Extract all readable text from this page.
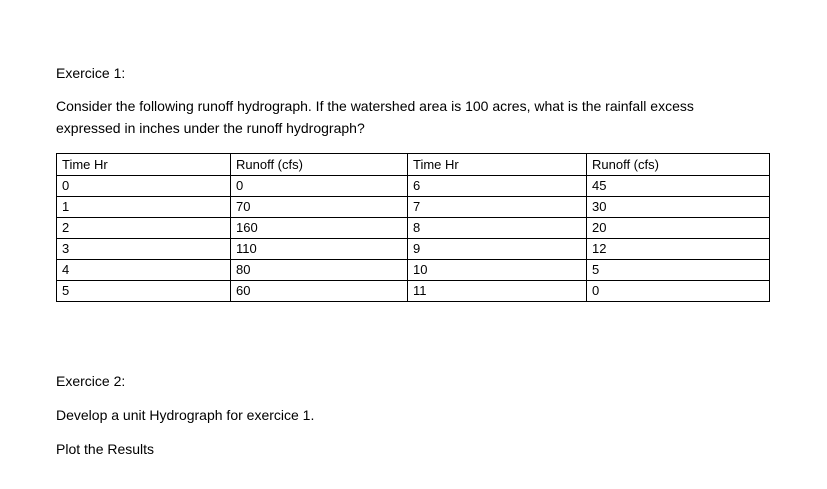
Exercice 1:
Consider the following runoff hydrograph. If the watershed area is 100 acres, what is the rainfall excess
expressed in inches under the runoff hydrograph?
Time Hr	Runoff (cfs)	Time Hr	Runoff (cfs)
0	0	6	45
1	70	7	30
2	160	8	20
3	110	9	12
4	80	10	5
5	60	11	0
Exercice 2:
Develop a unit Hydrograph for exercice 1.
Plot the Results
